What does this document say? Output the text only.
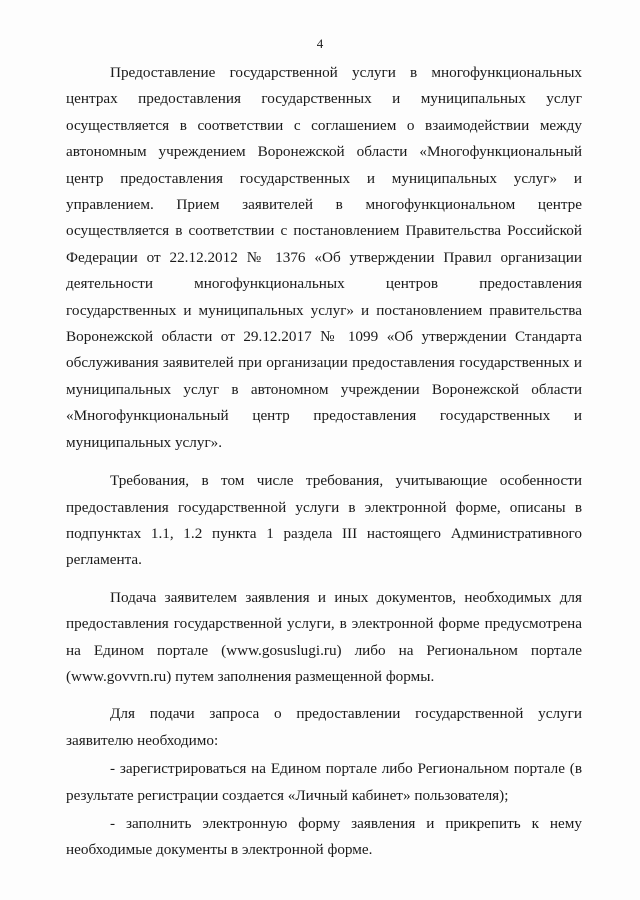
4

Предоставление государственной услуги в многофункциональных центрах предоставления государственных и муниципальных услуг осуществляется в соответствии с соглашением о взаимодействии между автономным учреждением Воронежской области «Многофункциональный центр предоставления государственных и муниципальных услуг» и управлением. Прием заявителей в многофункциональном центре осуществляется в соответствии с постановлением Правительства Российской Федерации от 22.12.2012 № 1376 «Об утверждении Правил организации деятельности многофункциональных центров предоставления государственных и муниципальных услуг» и постановлением правительства Воронежской области от 29.12.2017 № 1099 «Об утверждении Стандарта обслуживания заявителей при организации предоставления государственных и муниципальных услуг в автономном учреждении Воронежской области «Многофункциональный центр предоставления государственных и муниципальных услуг».

Требования, в том числе требования, учитывающие особенности предоставления государственной услуги в электронной форме, описаны в подпунктах 1.1, 1.2 пункта 1 раздела III настоящего Административного регламента.

Подача заявителем заявления и иных документов, необходимых для предоставления государственной услуги, в электронной форме предусмотрена на Едином портале (www.gosuslugi.ru) либо на Региональном портале (www.govvrn.ru) путем заполнения размещенной формы.

Для подачи запроса о предоставлении государственной услуги заявителю необходимо:

- зарегистрироваться на Едином портале либо Региональном портале (в результате регистрации создается «Личный кабинет» пользователя);

- заполнить электронную форму заявления и прикрепить к нему необходимые документы в электронной форме.
